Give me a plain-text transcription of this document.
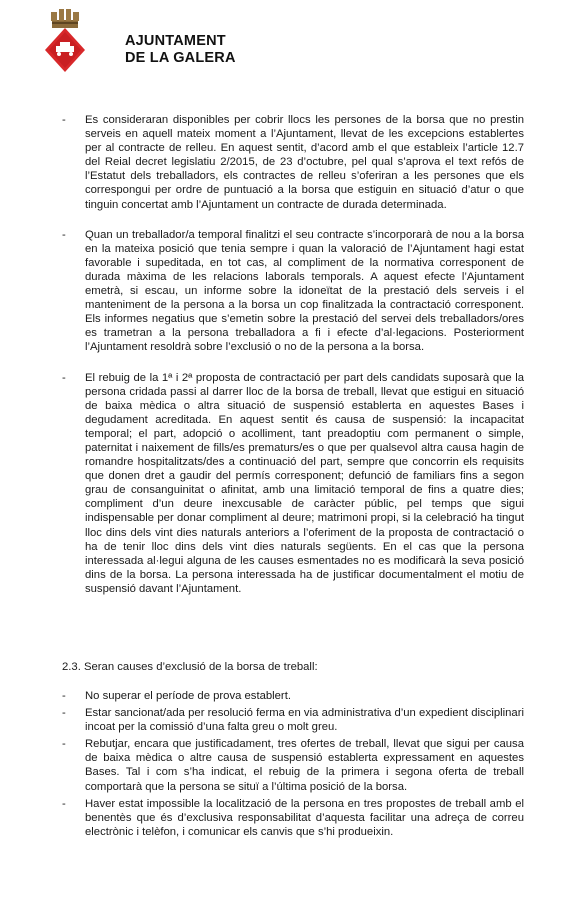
AJUNTAMENT
DE LA GALERA
- Es consideraran disponibles per cobrir llocs les persones de la borsa que no prestin serveis en aquell mateix moment a l’Ajuntament, llevat de les excepcions establertes per al contracte de relleu. En aquest sentit, d’acord amb el que estableix l’article 12.7 del Reial decret legislatiu 2/2015, de 23 d’octubre, pel qual s’aprova el text refós de l’Estatut dels treballadors, els contractes de relleu s’oferiran a les persones que els correspongui per ordre de puntuació a la borsa que estiguin en situació d’atur o que tinguin concertat amb l’Ajuntament un contracte de durada determinada.
- Quan un treballador/a temporal finalitzi el seu contracte s’incorporarà de nou a la borsa en la mateixa posició que tenia sempre i quan la valoració de l’Ajuntament hagi estat favorable i supeditada, en tot cas, al compliment de la normativa corresponent de durada màxima de les relacions laborals temporals. A aquest efecte l’Ajuntament emetrà, si escau, un informe sobre la idoneïtat de la prestació dels serveis i el manteniment de la persona a la borsa un cop finalitzada la contractació corresponent. Els informes negatius que s’emetin sobre la prestació del servei dels treballadors/ores es trametran a la persona treballadora a fi i efecte d’al·legacions. Posteriorment l’Ajuntament resoldrà sobre l’exclusió o no de la persona a la borsa.
- El rebuig de la 1ª i 2ª proposta de contractació per part dels candidats suposarà que la persona cridada passi al darrer lloc de la borsa de treball, llevat que estigui en situació de baixa mèdica o altra situació de suspensió establerta en aquestes Bases i degudament acreditada. En aquest sentit és causa de suspensió: la incapacitat temporal; el part, adopció o acolliment, tant preadoptiu com permanent o simple, paternitat i naixement de fills/es prematurs/es o que per qualsevol altra causa hagin de romandre hospitalitzats/des a continuació del part, sempre que concorrin els requisits que donen dret a gaudir del permís corresponent; defunció de familiars fins a segon grau de consanguinitat o afinitat, amb una limitació temporal de fins a quatre dies; compliment d’un deure inexcusable de caràcter públic, pel temps que sigui indispensable per donar compliment al deure; matrimoni propi, si la celebració ha tingut lloc dins dels vint dies naturals anteriors a l’oferiment de la proposta de contractació o ha de tenir lloc dins dels vint dies naturals següents. En el cas que la persona interessada al·legui alguna de les causes esmentades no es modificarà la seva posició dins de la borsa. La persona interessada ha de justificar documentalment el motiu de suspensió davant l’Ajuntament.
2.3. Seran causes d’exclusió de la borsa de treball:
- No superar el període de prova establert.
- Estar sancionat/ada per resolució ferma en via administrativa d’un expedient disciplinari incoat per la comissió d’una falta greu o molt greu.
- Rebutjar, encara que justificadament, tres ofertes de treball, llevat que sigui per causa de baixa mèdica o altre causa de suspensió establerta expressament en aquestes Bases. Tal i com s’ha indicat, el rebuig de la primera i segona oferta de treball comportarà que la persona se situï a l’última posició de la borsa.
- Haver estat impossible la localització de la persona en tres propostes de treball amb el benentès que és d’exclusiva responsabilitat d’aquesta facilitar una adreça de correu electrònic i telèfon, i comunicar els canvis que s’hi produeixin.
